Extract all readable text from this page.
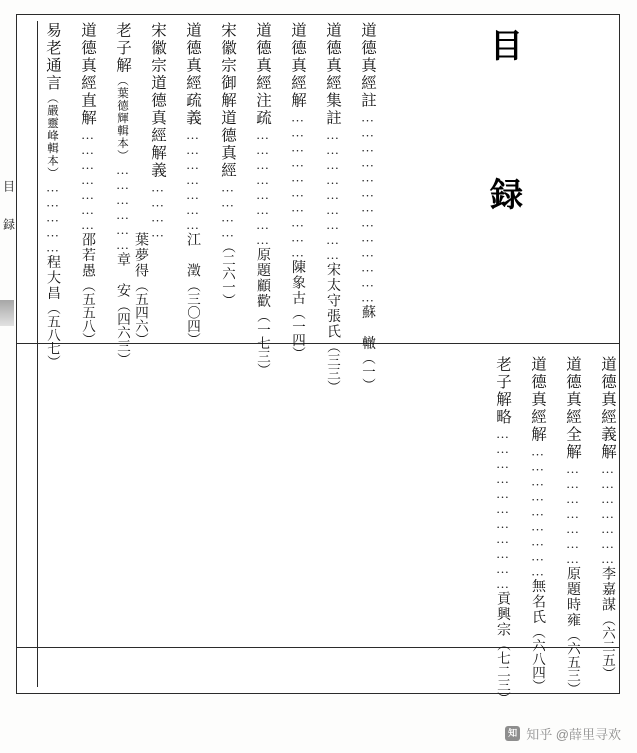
目　録	目 録
道德真經註…………………………………蘇　轍（一）
道德真經集註………………………宋太守張氏（三三）
道德真經解…………………………陳象古（一四）
道德真經注疏……………………原題顧歡（一七三）
宋徽宗御解道德真經…………（二六一）
道德真經疏義…………………江　澂（三〇四）
宋徽宗道德真經解義…………
老子解（葉德輝輯本）………………章　安（四六三）
道德真經直解…………………邵若愚（五五八）
易老通言（嚴靈峰輯本）……………程大昌（五八七）
葉夢得（五四六）
道德真經義解…………………李嘉謀（六二五）
道德真經全解…………………原題時雍（六五三）
道德真經解………………………無名氏（六八四）
老子解略……………………………貢興宗（七二三）
知 知乎 @薛里寻欢
